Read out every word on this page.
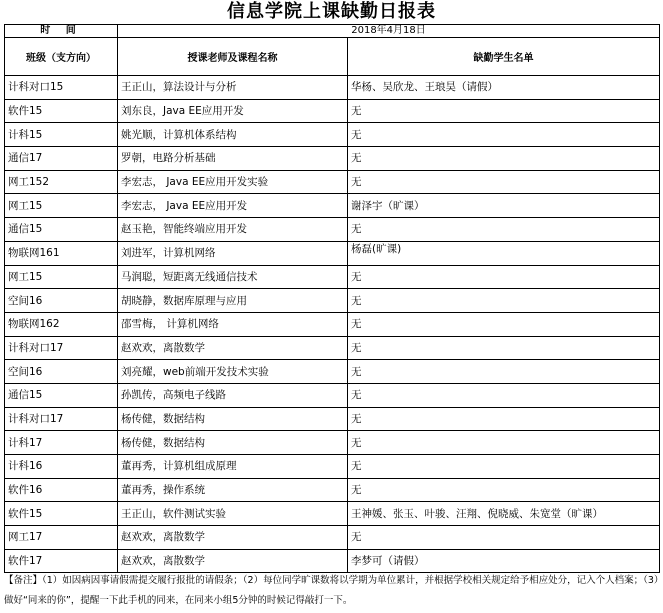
信息学院上课缺勤日报表
时 间	2018年4月18日	
班级（支方向）	授课老师及课程名称	缺勤学生名单
计科对口15	王正山，算法设计与分析	华杨、吴欣龙、王琅昊（请假）
软件15	刘东良，Java EE应用开发	无
计科15	姚光顺，计算机体系结构	无
通信17	罗朝，电路分析基础	无
网工152	李宏志， Java EE应用开发实验	无
网工15	李宏志， Java EE应用开发	谢泽宇（旷课）
通信15	赵玉艳，智能终端应用开发	无
物联网161	刘进军，计算机网络	杨磊(旷课)
网工15	马润聪，短距离无线通信技术	无
空间16	胡晓静，数据库原理与应用	无
物联网162	邵雪梅， 计算机网络	无
计科对口17	赵欢欢，离散数学	无
空间16	刘亮耀，web前端开发技术实验	无
通信15	孙凯传，高频电子线路	无
计科对口17	杨传健，数据结构	无
计科17	杨传健，数据结构	无
计科16	董再秀，计算机组成原理	无
软件16	董再秀，操作系统	无
软件15	王正山，软件测试实验	王神媛、张玉、叶骏、汪翔、倪晓威、朱宽堂（旷课）
网工17	赵欢欢，离散数学	无
软件17	赵欢欢，离散数学	李梦可（请假）
【备注】（1）如因病因事请假需提交履行报批的请假条；（2）每位同学旷课数将以学期为单位累计，并根据学校相关规定给予相应处分，记入个人档案；（3）做好“同来的你”，提醒一下此手机的同来，在同来小组5分钟的时候记得敲打一下。
